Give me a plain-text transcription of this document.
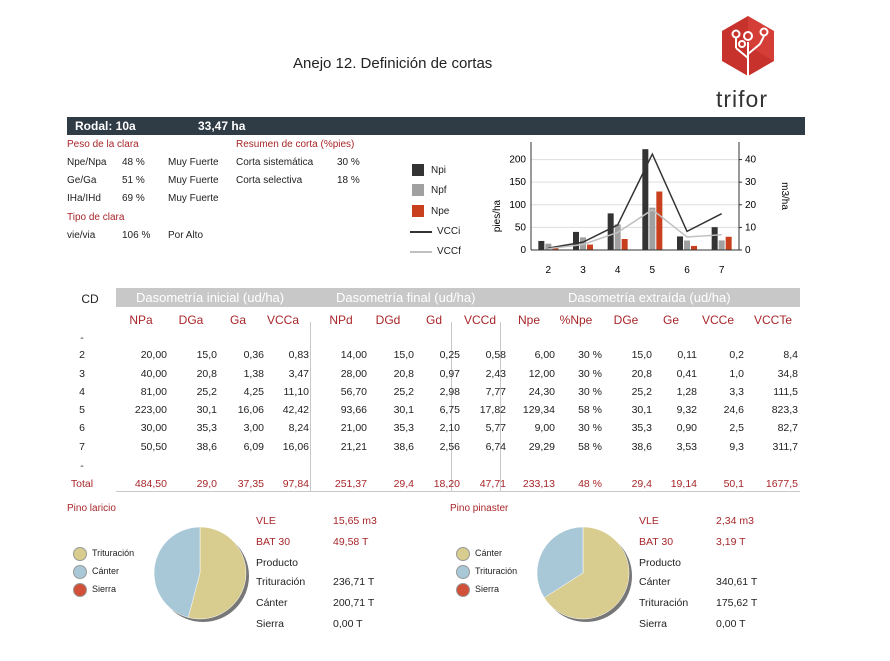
Anejo 12. Definición de cortas
trifor
Rodal: 10a	33,47 ha
Peso de la clara
Npe/Npa 48 % Muy Fuerte
Ge/Ga	51 % Muy Fuerte
IHa/IHd 69 % Muy Fuerte
Tipo de clara
vie/via	106 % Por Alto
Resumen de corta (%pies)
Corta sistemática 30 %
Corta selectiva	18 %
Npi
Npf
Npe
VCCi
VCCf	0
50
100
150
200
0
10
20
30
40
2	3	4	5	6	7
pies/ha
m3/ha
CD	Dasometría inicial (ud/ha)	Dasometría final (ud/ha)	Dasometría extraída (ud/ha)
NPa	DGa	Ga	VCCa	NPd	DGd	Gd	VCCd	Npe	%Npe	DGe	Ge	VCCe	VCCTe
-
2	20,00	15,0	0,36	0,83	14,00	15,0	0,25	0,58	6,00	30 %	15,0	0,11	0,2	8,4
3	40,00	20,8	1,38	3,47	28,00	20,8	0,97	2,43	12,00	30 %	20,8	0,41	1,0	34,8
4	81,00	25,2	4,25	11,10	56,70	25,2	2,98	7,77	24,30	30 %	25,2	1,28	3,3	111,5
5	223,00	30,1	16,06	42,42	93,66	30,1	6,75	17,82	129,34	58 %	30,1	9,32	24,6	823,3
6	30,00	35,3	3,00	8,24	21,00	35,3	2,10	5,77	9,00	30 %	35,3	0,90	2,5	82,7
7	50,50	38,6	6,09	16,06	21,21	38,6	2,56	6,74	29,29	58 %	38,6	3,53	9,3	311,7
-
Total	484,50	29,0	37,35	97,84	251,37	29,4	18,20	47,71	233,13	48 %	29,4	19,14	50,1	1677,5
Pino laricio
Trituración
Cánter
Sierra
VLE	15,65 m3
BAT 30	49,58 T
Producto
Trituración	236,71 T
Cánter	200,71 T
Sierra	0,00 T
Pino pinaster
Cánter
Trituración
Sierra
VLE	2,34 m3
BAT 30	3,19 T
Producto
Cánter	340,61 T
Trituración	175,62 T
Sierra	0,00 T
